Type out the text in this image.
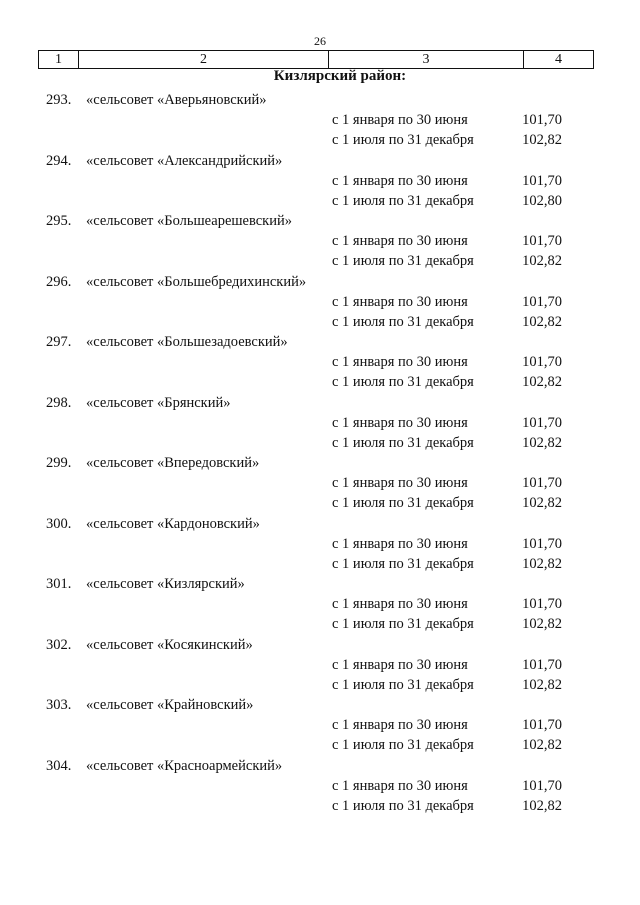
26
1	2	3	4
Кизлярский район:
293. «сельсовет «Аверьяновский»
с 1 января по 30 июня	101,70
с 1 июля по 31 декабря	102,82
294. «сельсовет «Александрийский»
с 1 января по 30 июня	101,70
с 1 июля по 31 декабря	102,80
295. «сельсовет «Большеарешевский»
с 1 января по 30 июня	101,70
с 1 июля по 31 декабря	102,82
296. «сельсовет «Большебредихинский»
с 1 января по 30 июня	101,70
с 1 июля по 31 декабря	102,82
297. «сельсовет «Большезадоевский»
с 1 января по 30 июня	101,70
с 1 июля по 31 декабря	102,82
298. «сельсовет «Брянский»
с 1 января по 30 июня	101,70
с 1 июля по 31 декабря	102,82
299. «сельсовет «Впередовский»
с 1 января по 30 июня	101,70
с 1 июля по 31 декабря	102,82
300. «сельсовет «Кардоновский»
с 1 января по 30 июня	101,70
с 1 июля по 31 декабря	102,82
301. «сельсовет «Кизлярский»
с 1 января по 30 июня	101,70
с 1 июля по 31 декабря	102,82
302. «сельсовет «Косякинский»
с 1 января по 30 июня	101,70
с 1 июля по 31 декабря	102,82
303. «сельсовет «Крайновский»
с 1 января по 30 июня	101,70
с 1 июля по 31 декабря	102,82
304. «сельсовет «Красноармейский»
с 1 января по 30 июня	101,70
с 1 июля по 31 декабря	102,82
